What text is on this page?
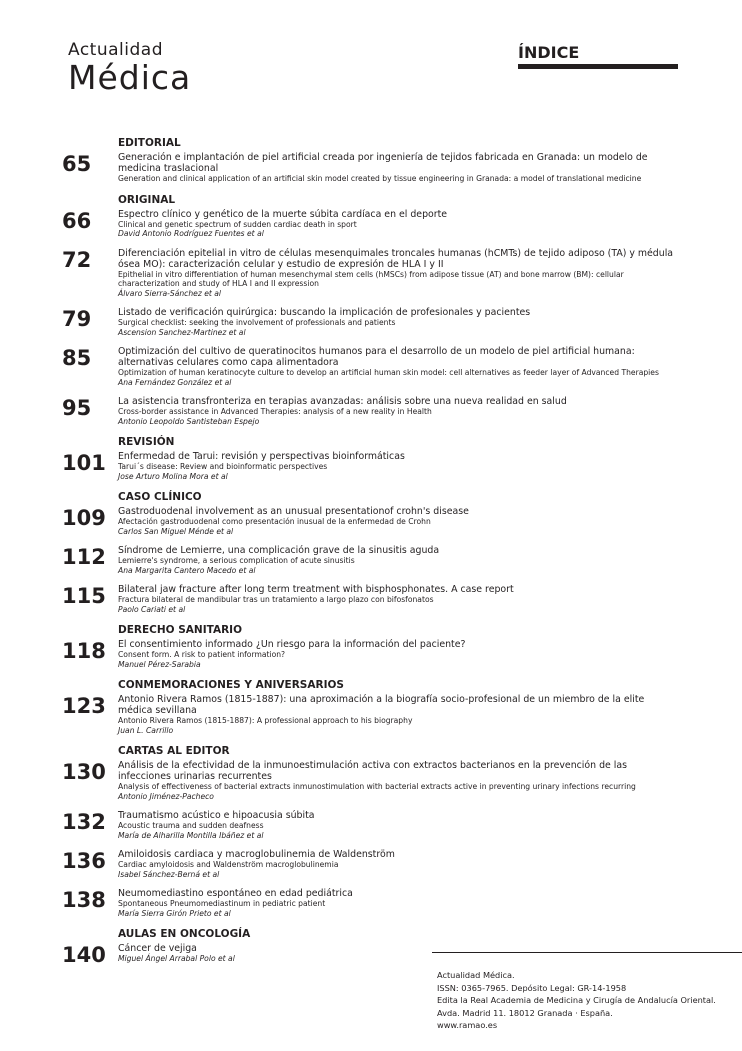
Actualidad
Médica
ÍNDICE
EDITORIAL
65	Generación e implantación de piel artificial creada por ingeniería de tejidos fabricada en Granada: un modelo de medicina traslacional
Generation and clinical application of an artificial skin model created by tissue engineering in Granada: a model of translational medicine
ORIGINAL
66	Espectro clínico y genético de la muerte súbita cardíaca en el deporte
Clinical and genetic spectrum of sudden cardiac death in sport
David Antonio Rodríguez Fuentes et al
72	Diferenciación epitelial in vitro de células mesenquimales troncales humanas (hCMTs) de tejido adiposo (TA) y médula ósea MO): caracterización celular y estudio de expresión de HLA I y II
Epithelial in vitro differentiation of human mesenchymal stem cells (hMSCs) from adipose tissue (AT) and bone marrow (BM): cellular characterization and study of HLA I and II expression
Álvaro Sierra-Sánchez et al
79	Listado de verificación quirúrgica: buscando la implicación de profesionales y pacientes
Surgical checklist: seeking the involvement of professionals and patients
Ascension Sanchez-Martinez et al
85	Optimización del cultivo de queratinocitos humanos para el desarrollo de un modelo de piel artificial humana: alternativas celulares como capa alimentadora
Optimization of human keratinocyte culture to develop an artificial human skin model: cell alternatives as feeder layer of Advanced Therapies
Ana Fernández González et al
95	La asistencia transfronteriza en terapias avanzadas: análisis sobre una nueva realidad en salud
Cross-border assistance in Advanced Therapies: analysis of a new reality in Health
Antonio Leopoldo Santisteban Espejo
REVISIÓN
101 Enfermedad de Tarui: revisión y perspectivas bioinformáticas
Tarui´s disease: Review and bioinformatic perspectives
Jose Arturo Molina Mora et al
CASO CLÍNICO
109 Gastroduodenal involvement as an unusual presentationof crohn's disease
Afectación gastroduodenal como presentación inusual de la enfermedad de Crohn
Carlos San Miguel Ménde et al
112 Síndrome de Lemierre, una complicación grave de la sinusitis aguda
Lemierre's syndrome, a serious complication of acute sinusitis
Ana Margarita Cantero Macedo et al
115 Bilateral jaw fracture after long term treatment with bisphosphonates. A case report
Fractura bilateral de mandibular tras un tratamiento a largo plazo con bifosfonatos
Paolo Cariati et al
DERECHO SANITARIO
118 El consentimiento informado ¿Un riesgo para la información del paciente?
Consent form. A risk to patient information?
Manuel Pérez-Sarabia
CONMEMORACIONES Y ANIVERSARIOS
123 Antonio Rivera Ramos (1815-1887): una aproximación a la biografía socio-profesional de un miembro de la elite médica sevillana
Antonio Rivera Ramos (1815-1887): A professional approach to his biography
Juan L. Carrillo
CARTAS AL EDITOR
130 Análisis de la efectividad de la inmunoestimulación activa con extractos bacterianos en la prevención de las infecciones urinarias recurrentes
Analysis of effectiveness of bacterial extracts inmunostimulation with bacterial extracts active in preventing urinary infections recurring
Antonio Jiménez-Pacheco
132 Traumatismo acústico e hipoacusia súbita
Acoustic trauma and sudden deafness
María de Alharilla Montilla Ibáñez et al
136 Amiloidosis cardiaca y macroglobulinemia de Waldenström
Cardiac amyloidosis and Waldenström macroglobulinemia
Isabel Sánchez-Berná et al
138 Neumomediastino espontáneo en edad pediátrica
Spontaneous Pneumomediastinum in pediatric patient
María Sierra Girón Prieto et al
AULAS EN ONCOLOGÍA
140 Cáncer de vejiga
Miguel Ángel Arrabal Polo et al
Actualidad Médica.
ISSN: 0365-7965. Depósito Legal: GR-14-1958
Edita la Real Academia de Medicina y Cirugía de Andalucía Oriental.
Avda. Madrid 11. 18012 Granada · España.
www.ramao.es
